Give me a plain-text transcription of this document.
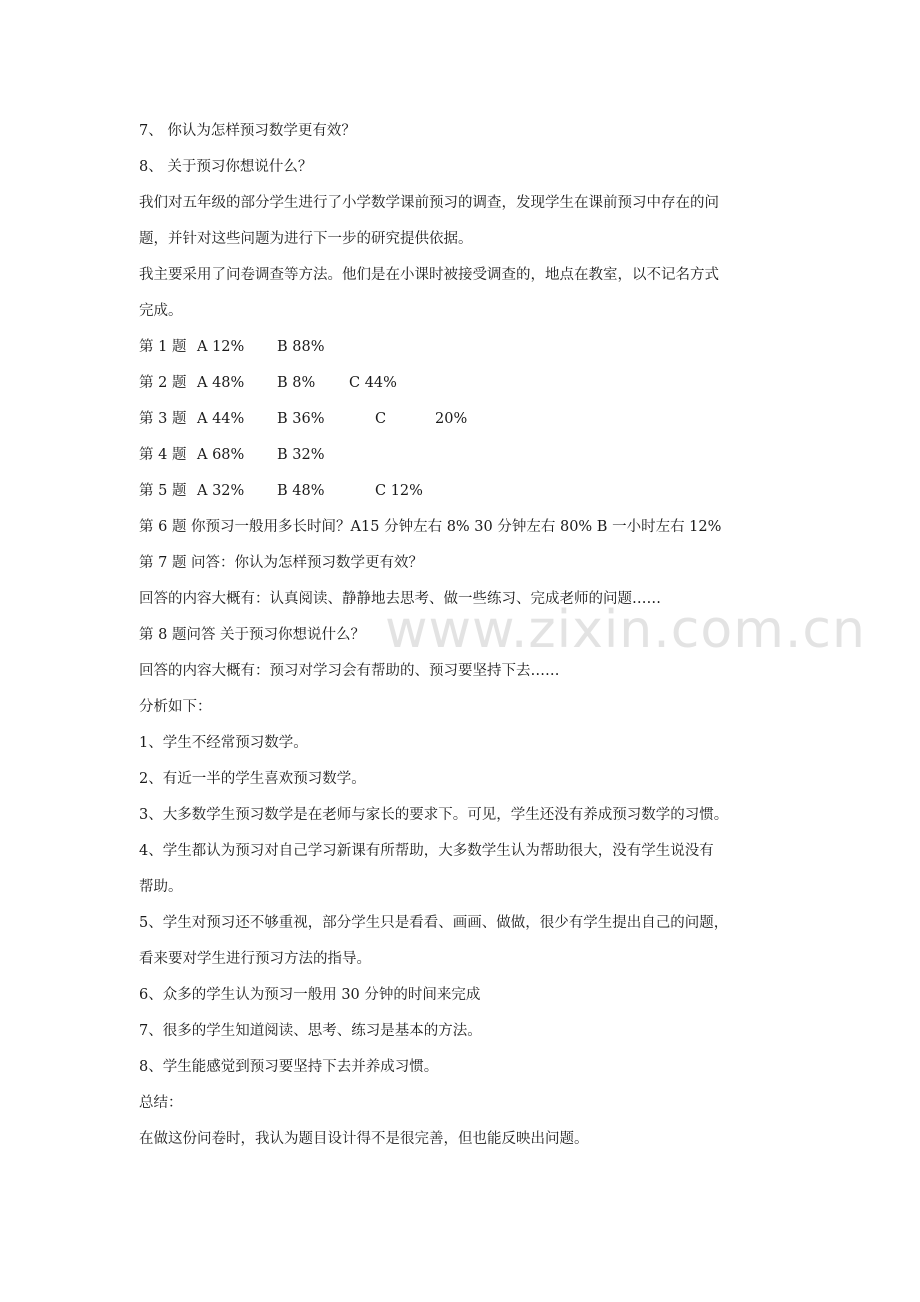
7、 你认为怎样预习数学更有效？
8、 关于预习你想说什么？
我们对五年级的部分学生进行了小学数学课前预习的调查，发现学生在课前预习中存在的问
题，并针对这些问题为进行下一步的研究提供依据。
我主要采用了问卷调查等方法。他们是在小课时被接受调查的，地点在教室，以不记名方式
完成。
第 1 题 A 12%	B 88%
第 2 题 A 48%	B 8%	C 44%
第 3 题 A 44%	B 36%	C	20%
第 4 题 A 68%	B 32%
第 5 题 A 32%	B 48%	C 12%
第 6 题 你预习一般用多长时间？A15 分钟左右 8% 30 分钟左右 80% B 一小时左右 12%
第 7 题 问答：你认为怎样预习数学更有效？
回答的内容大概有：认真阅读、静静地去思考、做一些练习、完成老师的问题……
第 8 题问答 关于预习你想说什么？
回答的内容大概有：预习对学习会有帮助的、预习要坚持下去……
分析如下：
1、学生不经常预习数学。
2、有近一半的学生喜欢预习数学。
3、大多数学生预习数学是在老师与家长的要求下。可见，学生还没有养成预习数学的习惯。
4、学生都认为预习对自己学习新课有所帮助，大多数学生认为帮助很大，没有学生说没有
帮助。
5、学生对预习还不够重视，部分学生只是看看、画画、做做，很少有学生提出自己的问题，
看来要对学生进行预习方法的指导。
6、众多的学生认为预习一般用 30 分钟的时间来完成
7、很多的学生知道阅读、思考、练习是基本的方法。
8、学生能感觉到预习要坚持下去并养成习惯。
总结：
在做这份问卷时，我认为题目设计得不是很完善，但也能反映出问题。
www.zixin.com.cn
